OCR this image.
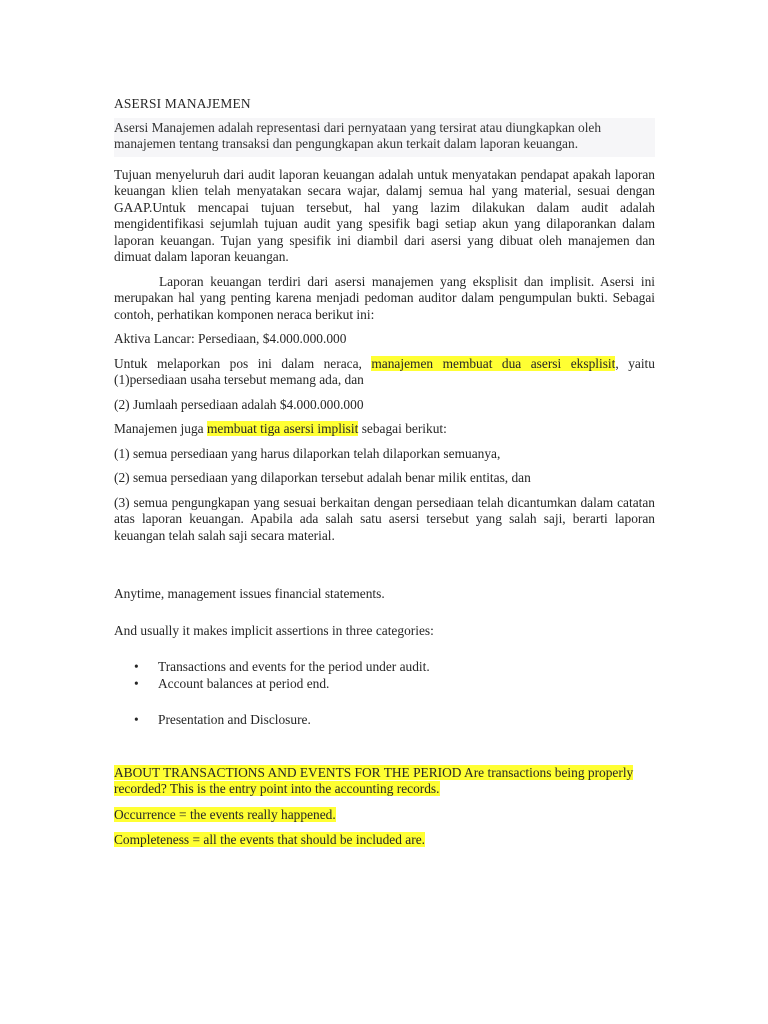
ASERSI MANAJEMEN
Asersi Manajemen adalah representasi dari pernyataan yang tersirat atau diungkapkan oleh manajemen tentang transaksi dan pengungkapan akun terkait dalam laporan keuangan.

Tujuan menyeluruh dari audit laporan keuangan adalah untuk menyatakan pendapat apakah laporan keuangan klien telah menyatakan secara wajar, dalamj semua hal yang material, sesuai dengan GAAP.Untuk mencapai tujuan tersebut, hal yang lazim dilakukan dalam audit adalah mengidentifikasi sejumlah tujuan audit yang spesifik bagi setiap akun yang dilaporankan dalam laporan keuangan. Tujan yang spesifik ini diambil dari asersi yang dibuat oleh manajemen dan dimuat dalam laporan keuangan.

Laporan keuangan terdiri dari asersi manajemen yang eksplisit dan implisit. Asersi ini merupakan hal yang penting karena menjadi pedoman auditor dalam pengumpulan bukti. Sebagai contoh, perhatikan komponen neraca berikut ini:

Aktiva Lancar: Persediaan, $4.000.000.000

Untuk melaporkan pos ini dalam neraca, manajemen membuat dua asersi eksplisit, yaitu (1)persediaan usaha tersebut memang ada, dan

(2) Jumlaah persediaan adalah $4.000.000.000

Manajemen juga membuat tiga asersi implisit sebagai berikut:

(1) semua persediaan yang harus dilaporkan telah dilaporkan semuanya,

(2) semua persediaan yang dilaporkan tersebut adalah benar milik entitas, dan

(3) semua pengungkapan yang sesuai berkaitan dengan persediaan telah dicantumkan dalam catatan atas laporan keuangan. Apabila ada salah satu asersi tersebut yang salah saji, berarti laporan keuangan telah salah saji secara material.

Anytime, management issues financial statements.

And usually it makes implicit assertions in three categories:

• Transactions and events for the period under audit.
• Account balances at period end.
• Presentation and Disclosure.

ABOUT TRANSACTIONS AND EVENTS FOR THE PERIOD Are transactions being properly recorded? This is the entry point into the accounting records.

Occurrence = the events really happened.

Completeness = all the events that should be included are.
